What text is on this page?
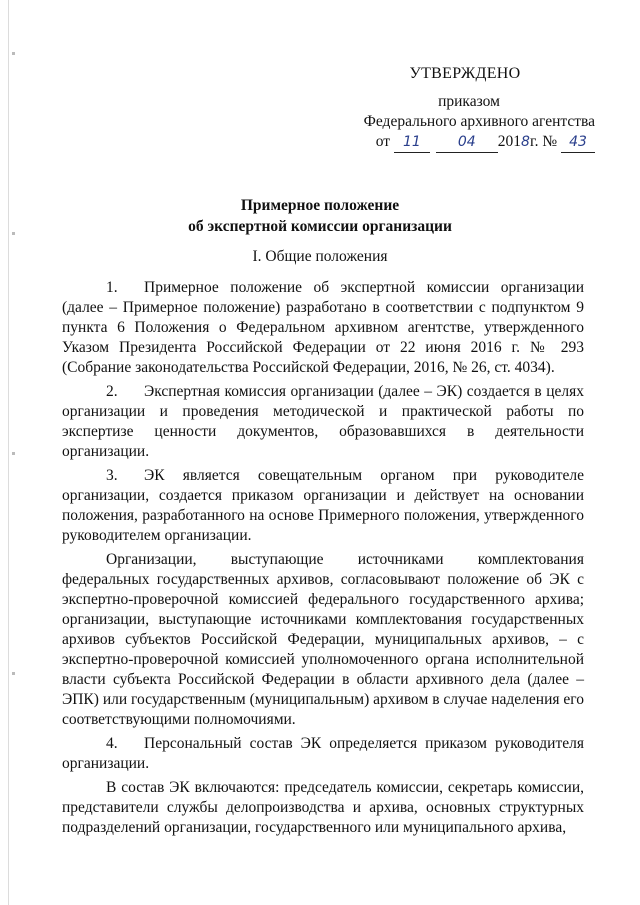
УТВЕРЖДЕНО
приказом
Федерального архивного агентства
от 11	04 2018г. № 43
Примерное положение
об экспертной комиссии организации
I. Общие положения

1. Примерное положение об экспертной комиссии организации (далее – Примерное положение) разработано в соответствии с подпунктом 9 пункта 6 Положения о Федеральном архивном агентстве, утвержденного Указом Президента Российской Федерации от 22 июня 2016 г. № 293 (Собрание законодательства Российской Федерации, 2016, № 26, ст. 4034).

2. Экспертная комиссия организации (далее – ЭК) создается в целях организации и проведения методической и практической работы по экспертизе ценности документов, образовавшихся в деятельности организации.

3. ЭК является совещательным органом при руководителе организации, создается приказом организации и действует на основании положения, разработанного на основе Примерного положения, утвержденного руководителем организации.

Организации, выступающие источниками комплектования федеральных государственных архивов, согласовывают положение об ЭК с экспертно-проверочной комиссией федерального государственного архива; организации, выступающие источниками комплектования государственных архивов субъектов Российской Федерации, муниципальных архивов, – с экспертно-проверочной комиссией уполномоченного органа исполнительной власти субъекта Российской Федерации в области архивного дела (далее – ЭПК) или государственным (муниципальным) архивом в случае наделения его соответствующими полномочиями.

4. Персональный состав ЭК определяется приказом руководителя организации.

В состав ЭК включаются: председатель комиссии, секретарь комиссии, представители службы делопроизводства и архива, основных структурных подразделений организации, государственного или муниципального архива,
